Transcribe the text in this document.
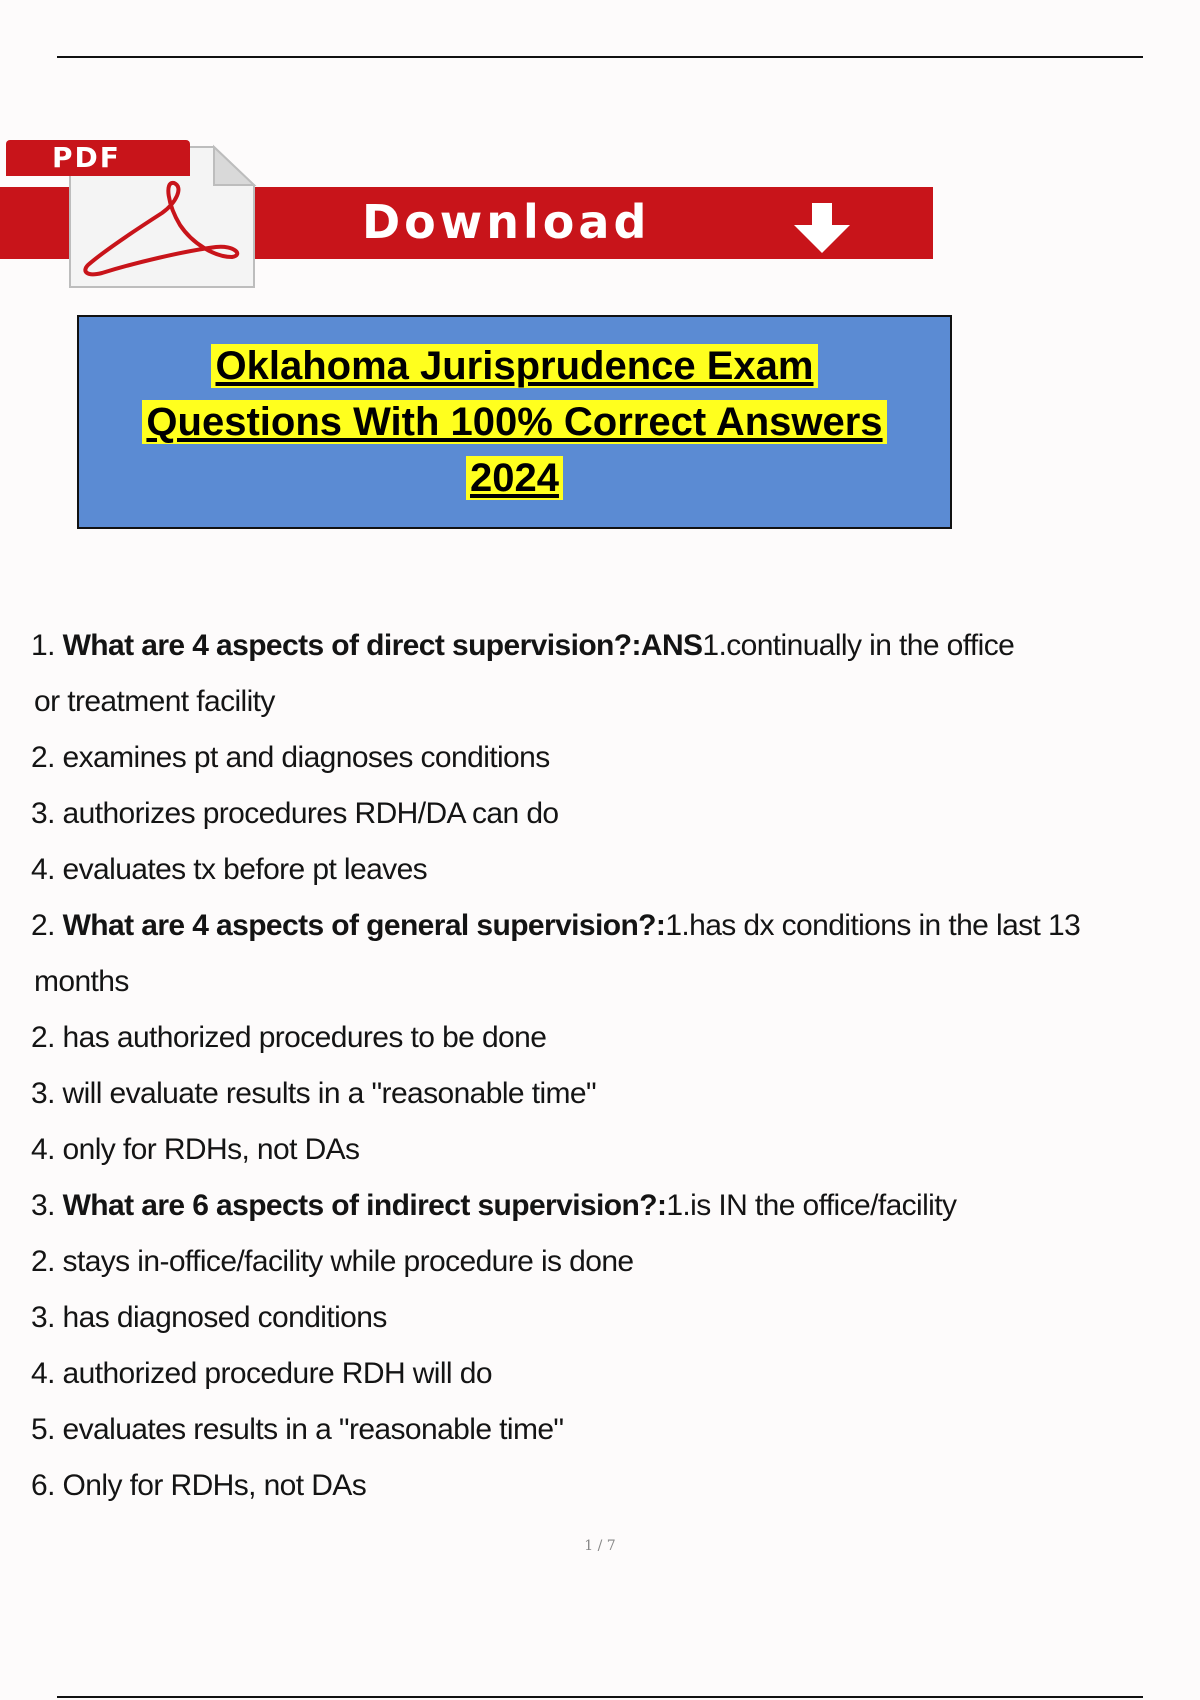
PDF
Download
Oklahoma Jurisprudence Exam
Questions With 100% Correct Answers
2024
1. What are 4 aspects of direct supervision?:ANS1.continually in the office
or treatment facility
2. examines pt and diagnoses conditions
3. authorizes procedures RDH/DA can do
4. evaluates tx before pt leaves
2. What are 4 aspects of general supervision?:1.has dx conditions in the last 13
months
2. has authorized procedures to be done
3. will evaluate results in a "reasonable time"
4. only for RDHs, not DAs
3. What are 6 aspects of indirect supervision?:1.is IN the office/facility
2. stays in-office/facility while procedure is done
3. has diagnosed conditions
4. authorized procedure RDH will do
5. evaluates results in a "reasonable time"
6. Only for RDHs, not DAs
1 / 7
